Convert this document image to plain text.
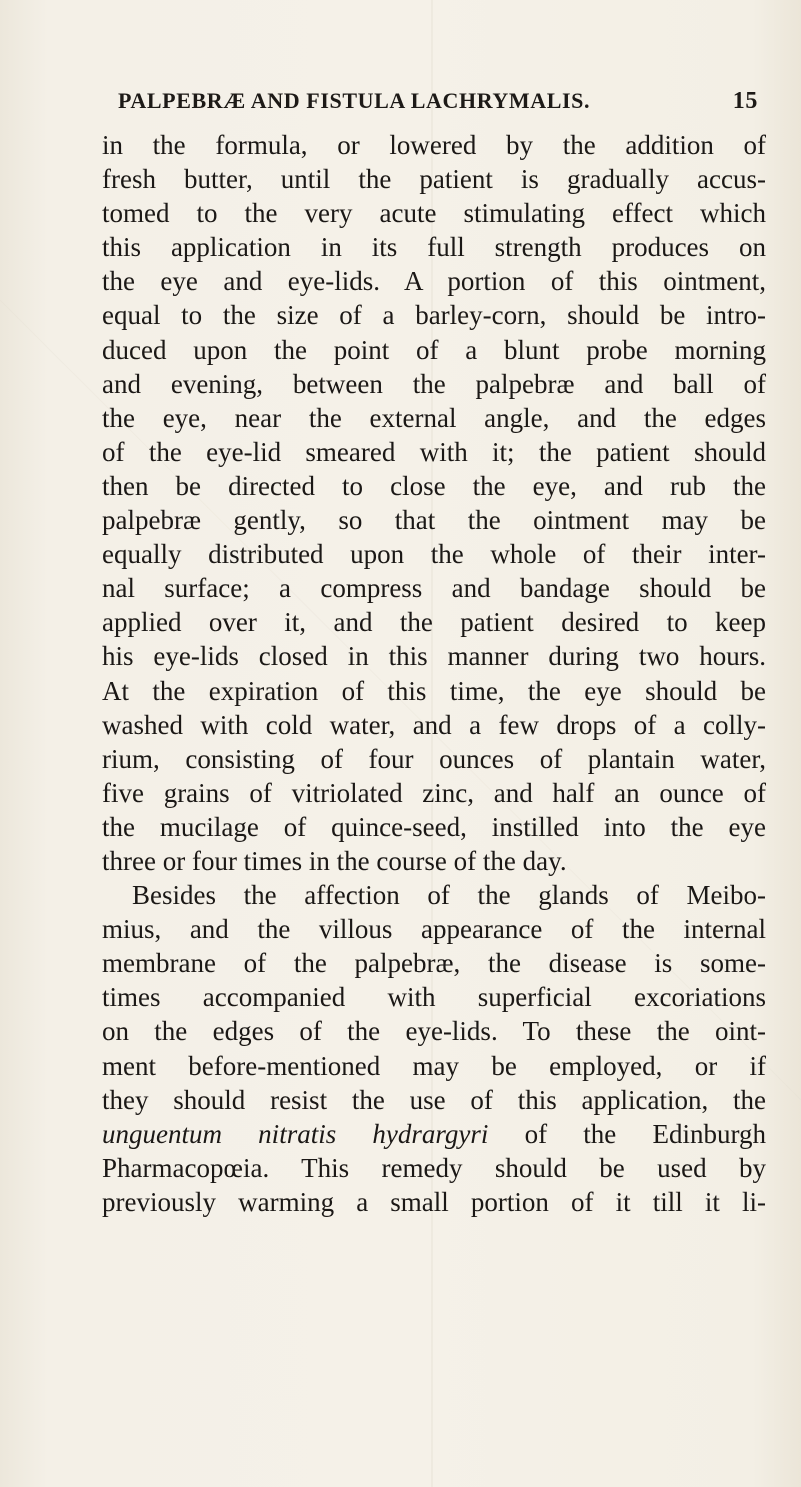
PALPEBRÆ AND FISTULA LACHRYMALIS.	15
in the formula, or lowered by the addition of
fresh butter, until the patient is gradually accus-
tomed to the very acute stimulating effect which
this application in its full strength produces on
the eye and eye-lids. A portion of this ointment,
equal to the size of a barley-corn, should be intro-
duced upon the point of a blunt probe morning
and evening, between the palpebræ and ball of
the eye, near the external angle, and the edges
of the eye-lid smeared with it; the patient should
then be directed to close the eye, and rub the
palpebræ gently, so that the ointment may be
equally distributed upon the whole of their inter-
nal surface; a compress and bandage should be
applied over it, and the patient desired to keep
his eye-lids closed in this manner during two hours.
At the expiration of this time, the eye should be
washed with cold water, and a few drops of a colly-
rium, consisting of four ounces of plantain water,
five grains of vitriolated zinc, and half an ounce of
the mucilage of quince-seed, instilled into the eye
three or four times in the course of the day.
Besides the affection of the glands of Meibo-
mius, and the villous appearance of the internal
membrane of the palpebræ, the disease is some-
times accompanied with superficial excoriations
on the edges of the eye-lids. To these the oint-
ment before-mentioned may be employed, or if
they should resist the use of this application, the
unguentum nitratis hydrargyri of the Edinburgh
Pharmacopœia. This remedy should be used by
previously warming a small portion of it till it li-
